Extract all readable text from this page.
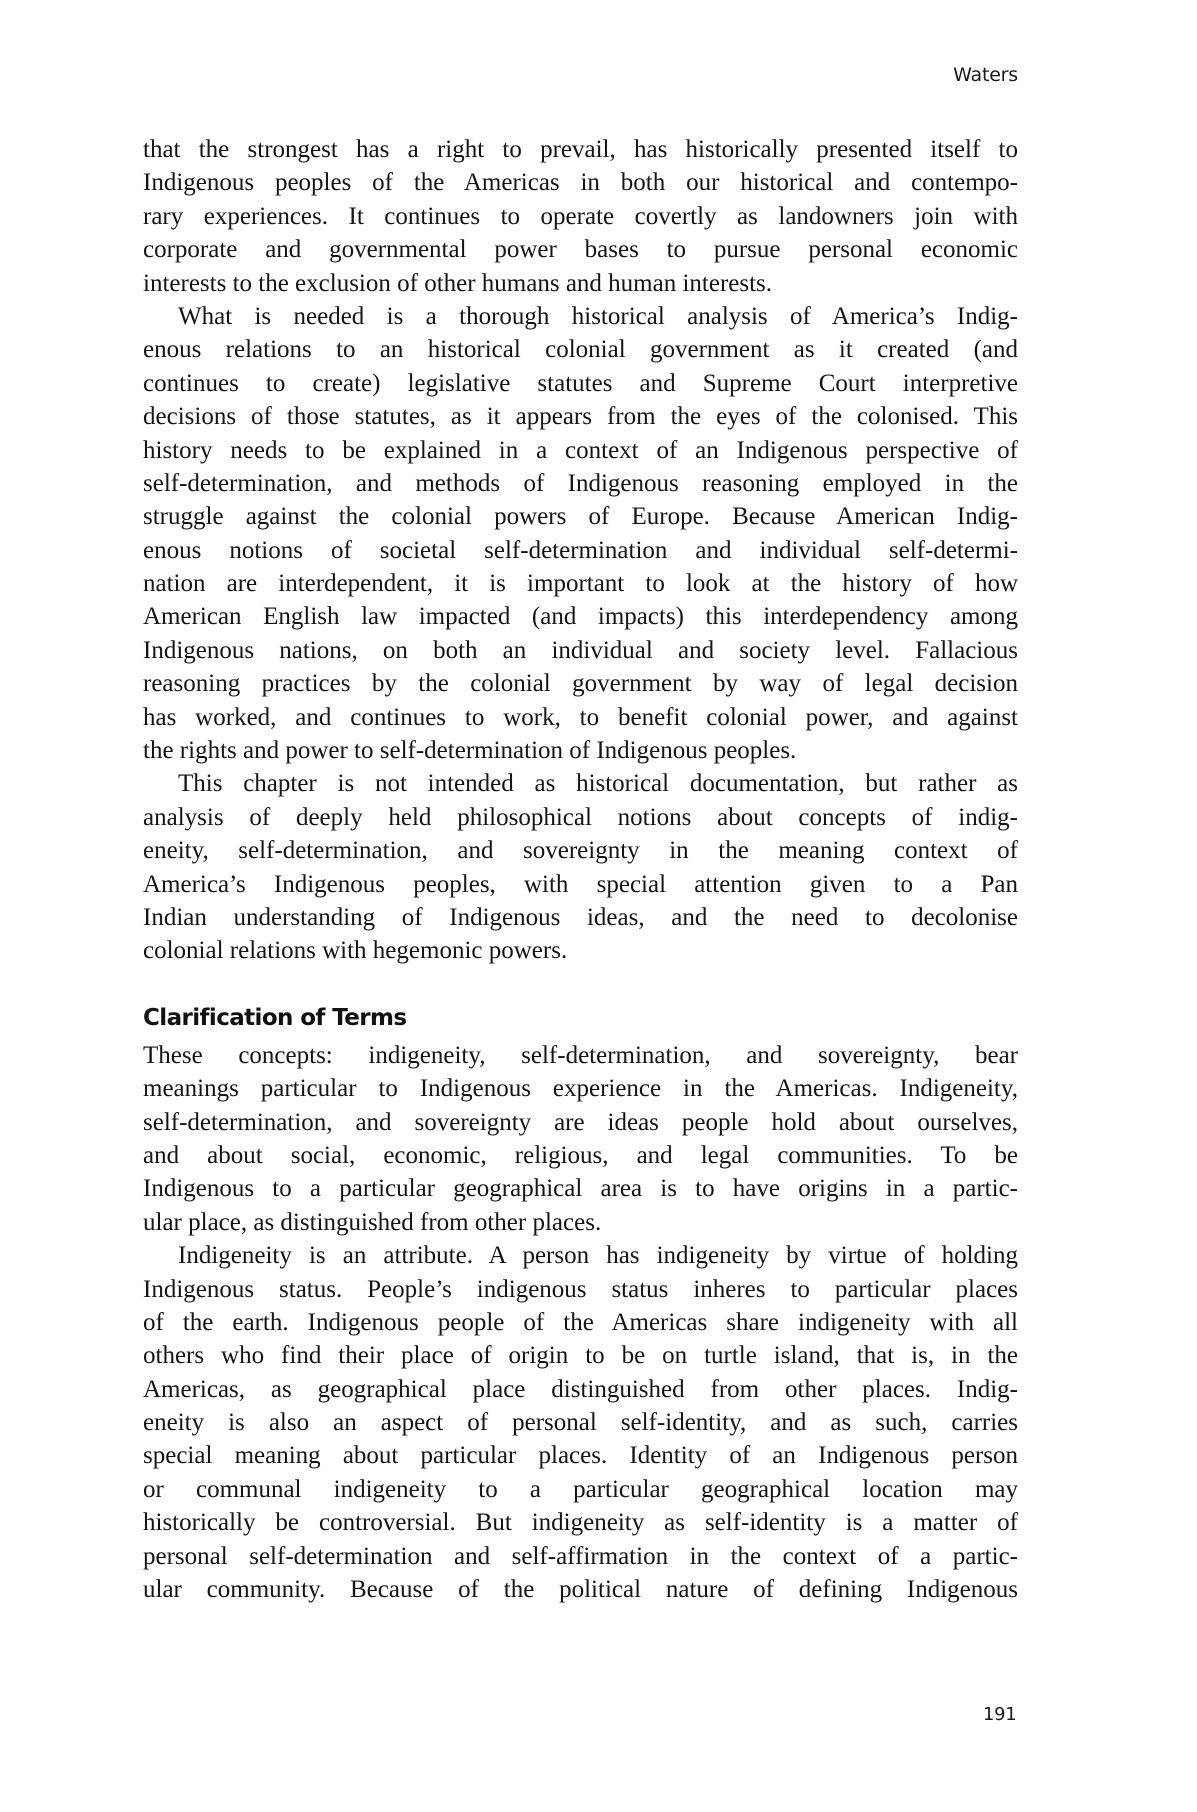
Waters
that the strongest has a right to prevail, has historically presented itself to
Indigenous peoples of the Americas in both our historical and contempo-
rary experiences. It continues to operate covertly as landowners join with
corporate and governmental power bases to pursue personal economic
interests to the exclusion of other humans and human interests.
What is needed is a thorough historical analysis of America’s Indig-
enous relations to an historical colonial government as it created (and
continues to create) legislative statutes and Supreme Court interpretive
decisions of those statutes, as it appears from the eyes of the colonised. This
history needs to be explained in a context of an Indigenous perspective of
self-determination, and methods of Indigenous reasoning employed in the
struggle against the colonial powers of Europe. Because American Indig-
enous notions of societal self-determination and individual self-determi-
nation are interdependent, it is important to look at the history of how
American English law impacted (and impacts) this interdependency among
Indigenous nations, on both an individual and society level. Fallacious
reasoning practices by the colonial government by way of legal decision
has worked, and continues to work, to benefit colonial power, and against
the rights and power to self-determination of Indigenous peoples.
This chapter is not intended as historical documentation, but rather as
analysis of deeply held philosophical notions about concepts of indig-
eneity, self-determination, and sovereignty in the meaning context of
America’s Indigenous peoples, with special attention given to a Pan
Indian understanding of Indigenous ideas, and the need to decolonise
colonial relations with hegemonic powers.
Clarification of Terms
These concepts: indigeneity, self-determination, and sovereignty, bear
meanings particular to Indigenous experience in the Americas. Indigeneity,
self-determination, and sovereignty are ideas people hold about ourselves,
and about social, economic, religious, and legal communities. To be
Indigenous to a particular geographical area is to have origins in a partic-
ular place, as distinguished from other places.
Indigeneity is an attribute. A person has indigeneity by virtue of holding
Indigenous status. People’s indigenous status inheres to particular places
of the earth. Indigenous people of the Americas share indigeneity with all
others who find their place of origin to be on turtle island, that is, in the
Americas, as geographical place distinguished from other places. Indig-
eneity is also an aspect of personal self-identity, and as such, carries
special meaning about particular places. Identity of an Indigenous person
or communal indigeneity to a particular geographical location may
historically be controversial. But indigeneity as self-identity is a matter of
personal self-determination and self-affirmation in the context of a partic-
ular community. Because of the political nature of defining Indigenous
191
